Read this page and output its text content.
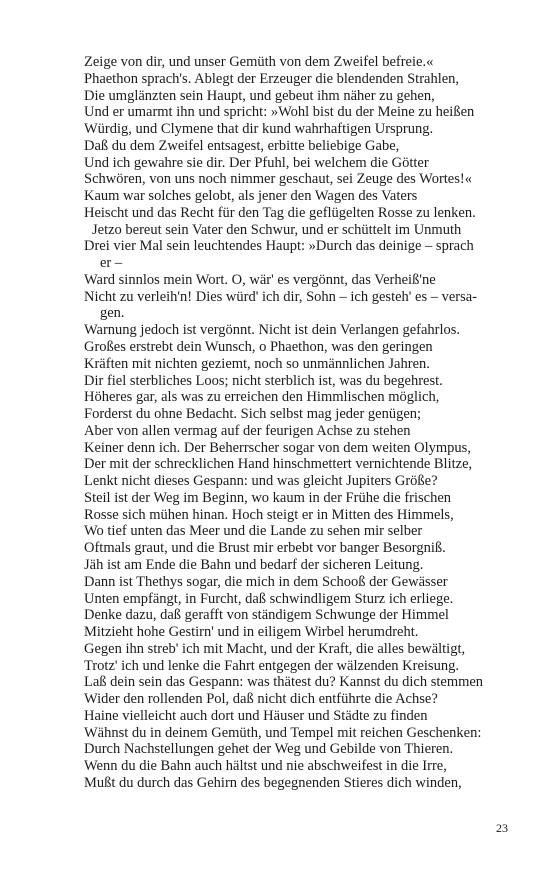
Zeige von dir, und unser Gemüth von dem Zweifel befreie.«
Phaethon sprach's. Ablegt der Erzeuger die blendenden Strahlen,
Die umglänzten sein Haupt, und gebeut ihm näher zu gehen,
Und er umarmt ihn und spricht: »Wohl bist du der Meine zu heißen
Würdig, und Clymene that dir kund wahrhaftigen Ursprung.
Daß du dem Zweifel entsagest, erbitte beliebige Gabe,
Und ich gewahre sie dir. Der Pfuhl, bei welchem die Götter
Schwören, von uns noch nimmer geschaut, sei Zeuge des Wortes!«
Kaum war solches gelobt, als jener den Wagen des Vaters
Heischt und das Recht für den Tag die geflügelten Rosse zu lenken.
Jetzo bereut sein Vater den Schwur, und er schüttelt im Unmuth
Drei vier Mal sein leuchtendes Haupt: »Durch das deinige – sprach
er –
Ward sinnlos mein Wort. O, wär' es vergönnt, das Verheiß'ne
Nicht zu verleih'n! Dies würd' ich dir, Sohn – ich gesteh' es – versa-
gen.
Warnung jedoch ist vergönnt. Nicht ist dein Verlangen gefahrlos.
Großes erstrebt dein Wunsch, o Phaethon, was den geringen
Kräften mit nichten geziemt, noch so unmännlichen Jahren.
Dir fiel sterbliches Loos; nicht sterblich ist, was du begehrest.
Höheres gar, als was zu erreichen den Himmlischen möglich,
Forderst du ohne Bedacht. Sich selbst mag jeder genügen;
Aber von allen vermag auf der feurigen Achse zu stehen
Keiner denn ich. Der Beherrscher sogar von dem weiten Olympus,
Der mit der schrecklichen Hand hinschmettert vernichtende Blitze,
Lenkt nicht dieses Gespann: und was gleicht Jupiters Größe?
Steil ist der Weg im Beginn, wo kaum in der Frühe die frischen
Rosse sich mühen hinan. Hoch steigt er in Mitten des Himmels,
Wo tief unten das Meer und die Lande zu sehen mir selber
Oftmals graut, und die Brust mir erbebt vor banger Besorgniß.
Jäh ist am Ende die Bahn und bedarf der sicheren Leitung.
Dann ist Thethys sogar, die mich in dem Schooß der Gewässer
Unten empfängt, in Furcht, daß schwindligem Sturz ich erliege.
Denke dazu, daß gerafft von ständigem Schwunge der Himmel
Mitzieht hohe Gestirn' und in eiligem Wirbel herumdreht.
Gegen ihn streb' ich mit Macht, und der Kraft, die alles bewältigt,
Trotz' ich und lenke die Fahrt entgegen der wälzenden Kreisung.
Laß dein sein das Gespann: was thätest du? Kannst du dich stemmen
Wider den rollenden Pol, daß nicht dich entführte die Achse?
Haine vielleicht auch dort und Häuser und Städte zu finden
Wähnst du in deinem Gemüth, und Tempel mit reichen Geschenken:
Durch Nachstellungen gehet der Weg und Gebilde von Thieren.
Wenn du die Bahn auch hältst und nie abschweifest in die Irre,
Mußt du durch das Gehirn des begegnenden Stieres dich winden,
23
